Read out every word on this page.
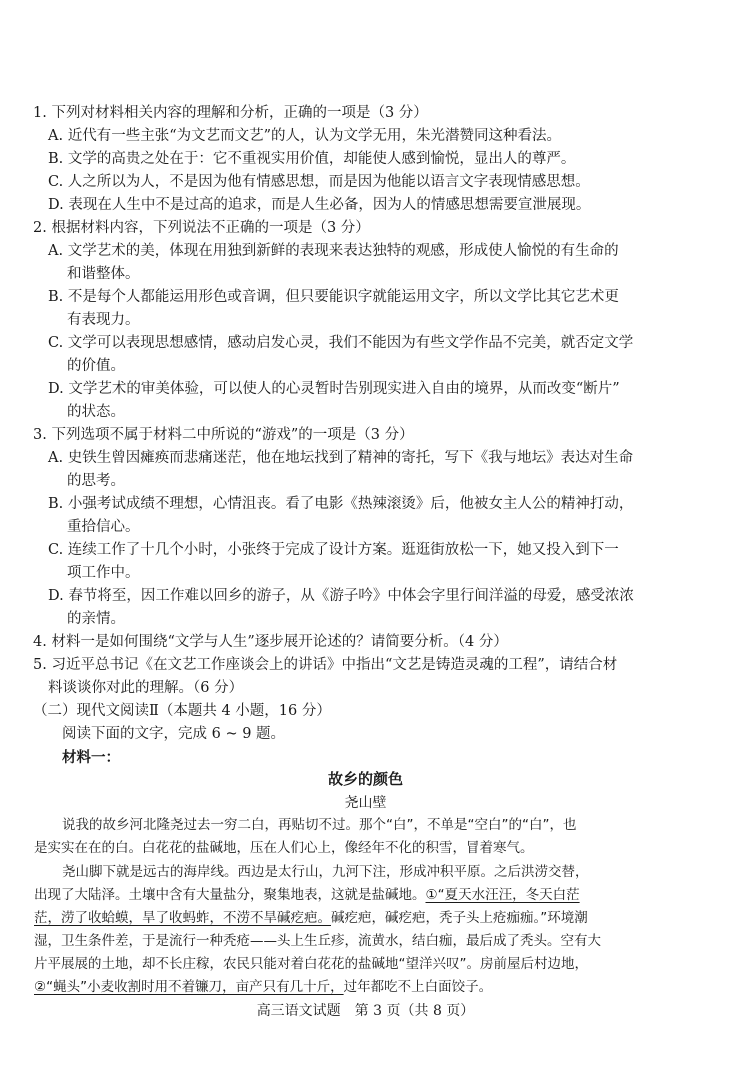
1. 下列对材料相关内容的理解和分析，正确的一项是（3 分）
A. 近代有一些主张“为文艺而文艺”的人，认为文学无用，朱光潜赞同这种看法。
B. 文学的高贵之处在于：它不重视实用价值，却能使人感到愉悦，显出人的尊严。
C. 人之所以为人，不是因为他有情感思想，而是因为他能以语言文字表现情感思想。
D. 表现在人生中不是过高的追求，而是人生必备，因为人的情感思想需要宣泄展现。
2. 根据材料内容，下列说法不正确的一项是（3 分）
A. 文学艺术的美，体现在用独到新鲜的表现来表达独特的观感，形成使人愉悦的有生命的
和谐整体。
B. 不是每个人都能运用形色或音调，但只要能识字就能运用文字，所以文学比其它艺术更
有表现力。
C. 文学可以表现思想感情，感动启发心灵，我们不能因为有些文学作品不完美，就否定文学
的价值。
D. 文学艺术的审美体验，可以使人的心灵暂时告别现实进入自由的境界，从而改变“断片”
的状态。
3. 下列选项不属于材料二中所说的“游戏”的一项是（3 分）
A. 史铁生曾因瘫痪而悲痛迷茫，他在地坛找到了精神的寄托，写下《我与地坛》表达对生命
的思考。
B. 小强考试成绩不理想，心情沮丧。看了电影《热辣滚烫》后，他被女主人公的精神打动，
重拾信心。
C. 连续工作了十几个小时，小张终于完成了设计方案。逛逛街放松一下，她又投入到下一
项工作中。
D. 春节将至，因工作难以回乡的游子，从《游子吟》中体会字里行间洋溢的母爱，感受浓浓
的亲情。
4. 材料一是如何围绕“文学与人生”逐步展开论述的？请简要分析。（4 分）
5. 习近平总书记《在文艺工作座谈会上的讲话》中指出“文艺是铸造灵魂的工程”，请结合材
料谈谈你对此的理解。（6 分）
（二）现代文阅读Ⅱ（本题共 4 小题，16 分）
阅读下面的文字，完成 6 ~ 9 题。
材料一：
故乡的颜色
尧山壁
说我的故乡河北隆尧过去一穷二白，再贴切不过。那个“白”，不单是“空白”的“白”，也
是实实在在的白。白花花的盐碱地，压在人们心上，像经年不化的积雪，冒着寒气。
尧山脚下就是远古的海岸线。西边是太行山，九河下注，形成冲积平原。之后洪涝交替，
出现了大陆泽。土壤中含有大量盐分，聚集地表，这就是盐碱地。①“夏天水汪汪，冬天白茫
茫，涝了收蛤蟆，旱了收蚂蚱，不涝不旱碱疙疤。碱疙疤，碱疙疤，秃子头上疮痂痂。”环境潮
湿，卫生条件差，于是流行一种秃疮——头上生丘疹，流黄水，结白痂，最后成了秃头。空有大
片平展展的土地，却不长庄稼，农民只能对着白花花的盐碱地“望洋兴叹”。房前屋后村边地，
②“蝇头”小麦收割时用不着镰刀，亩产只有几十斤，过年都吃不上白面饺子。
高三语文试题　第 3 页（共 8 页）
